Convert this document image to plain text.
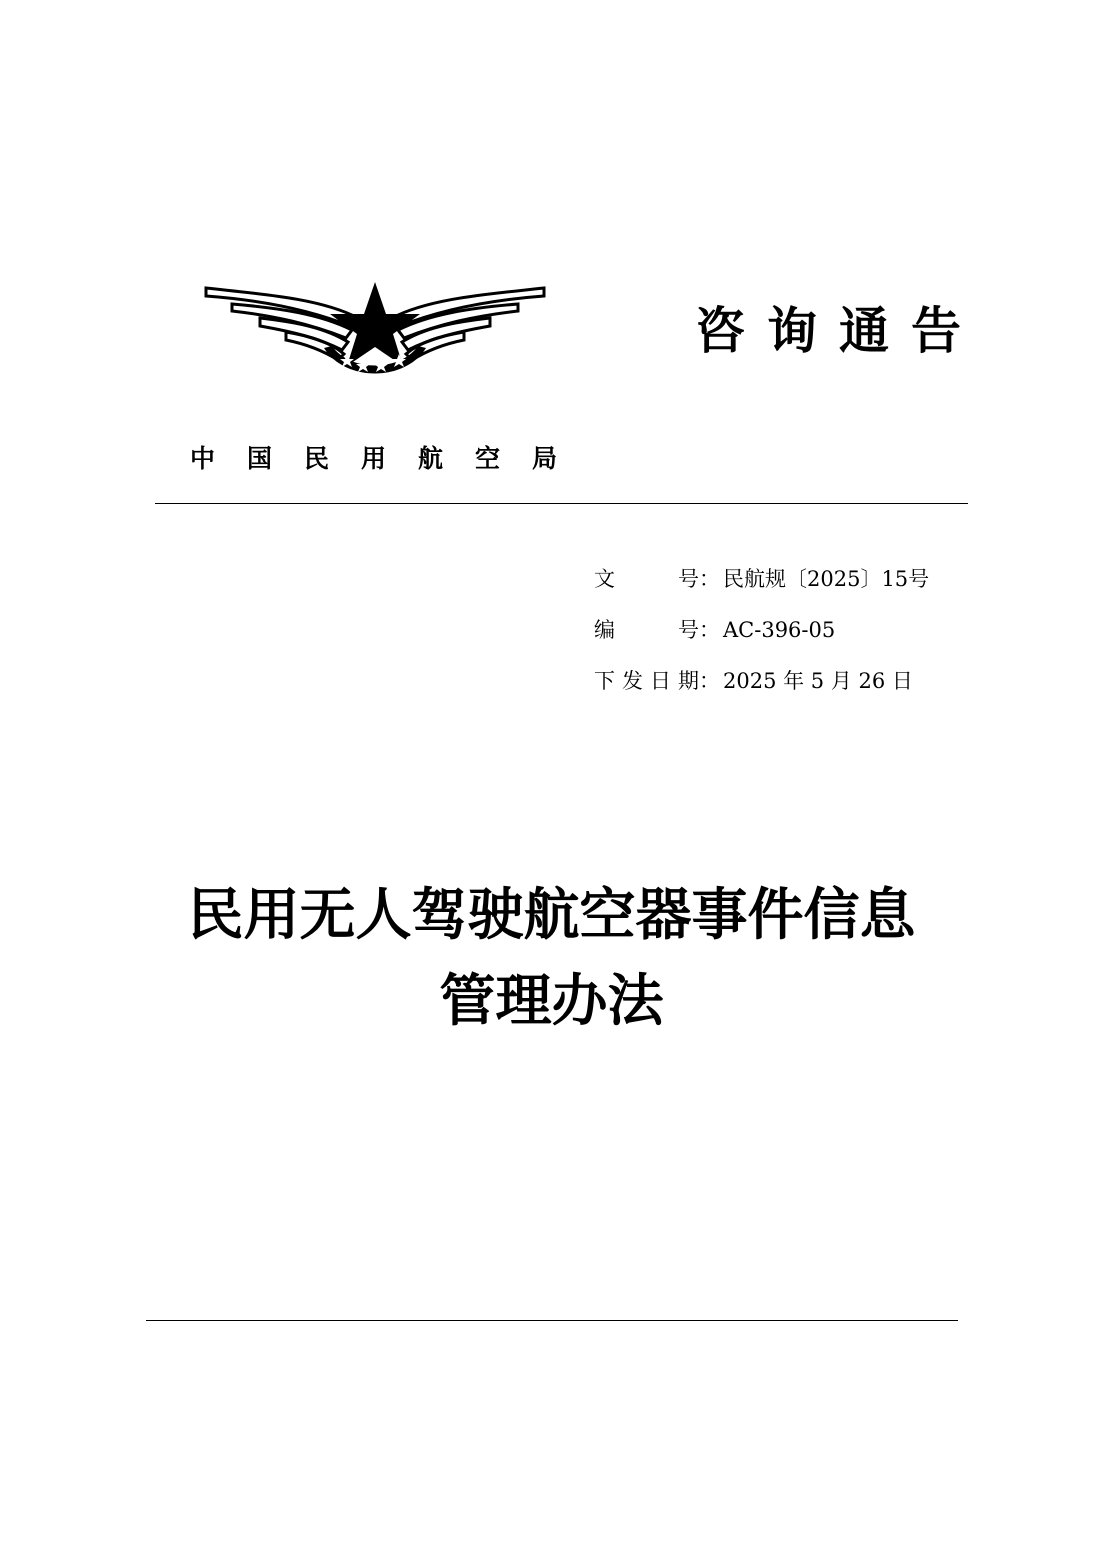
咨询通告
中国民用航空局
文号 ： 民航规〔2025〕15号
编号 ： AC-396-05
下发日期 ： 2025 年 5 月 26 日
民用无人驾驶航空器事件信息
管理办法
